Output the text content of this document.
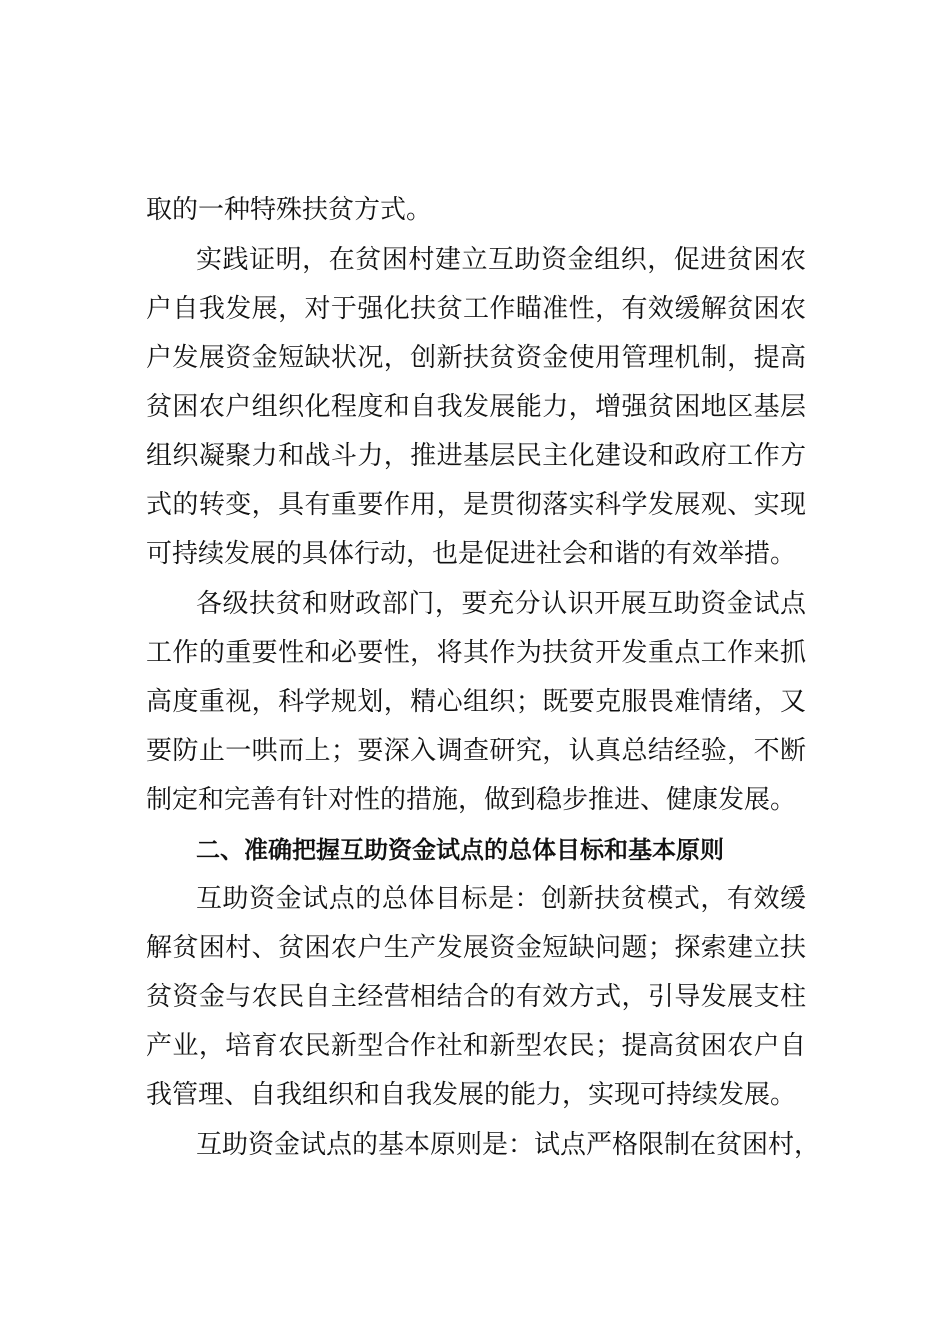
取的一种特殊扶贫方式。

实践证明，在贫困村建立互助资金组织，促进贫困农

户自我发展，对于强化扶贫工作瞄准性，有效缓解贫困农

户发展资金短缺状况，创新扶贫资金使用管理机制，提高

贫困农户组织化程度和自我发展能力，增强贫困地区基层

组织凝聚力和战斗力，推进基层民主化建设和政府工作方

式的转变，具有重要作用，是贯彻落实科学发展观、实现

可持续发展的具体行动，也是促进社会和谐的有效举措。

各级扶贫和财政部门，要充分认识开展互助资金试点

工作的重要性和必要性，将其作为扶贫开发重点工作来抓

高度重视，科学规划，精心组织；既要克服畏难情绪，又

要防止一哄而上；要深入调查研究，认真总结经验，不断

制定和完善有针对性的措施，做到稳步推进、健康发展。

二、准确把握互助资金试点的总体目标和基本原则

互助资金试点的总体目标是：创新扶贫模式，有效缓

解贫困村、贫困农户生产发展资金短缺问题；探索建立扶

贫资金与农民自主经营相结合的有效方式，引导发展支柱

产业，培育农民新型合作社和新型农民；提高贫困农户自

我管理、自我组织和自我发展的能力，实现可持续发展。

互助资金试点的基本原则是：试点严格限制在贫困村，
